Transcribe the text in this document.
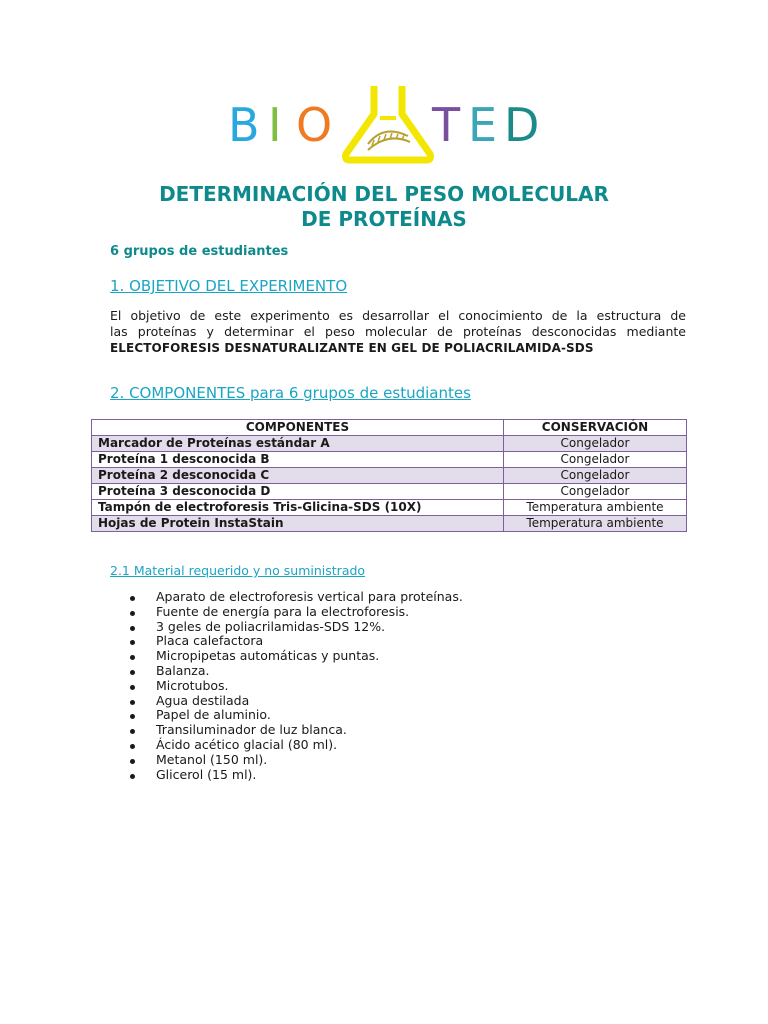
B I O T E D
DETERMINACIÓN DEL PESO MOLECULAR
DE PROTEÍNAS
6 grupos de estudiantes
1. OBJETIVO DEL EXPERIMENTO
El objetivo de este experimento es desarrollar el conocimiento de la estructura de
las proteínas y determinar el peso molecular de proteínas desconocidas mediante
ELECTOFORESIS DESNATURALIZANTE EN GEL DE POLIACRILAMIDA-SDS
2. COMPONENTES para 6 grupos de estudiantes
COMPONENTES	CONSERVACIÓN
Marcador de Proteínas estándar A	Congelador
Proteína 1 desconocida B	Congelador
Proteína 2 desconocida C	Congelador
Proteína 3 desconocida D	Congelador
Tampón de electroforesis Tris-Glicina-SDS (10X)	Temperatura ambiente
Hojas de Protein InstaStain	Temperatura ambiente
2.1 Material requerido y no suministrado
Aparato de electroforesis vertical para proteínas.
Fuente de energía para la electroforesis.
3 geles de poliacrilamidas-SDS 12%.
Placa calefactora
Micropipetas automáticas y puntas.
Balanza.
Microtubos.
Agua destilada
Papel de aluminio.
Transiluminador de luz blanca.
Ácido acético glacial (80 ml).
Metanol (150 ml).
Glicerol (15 ml).
